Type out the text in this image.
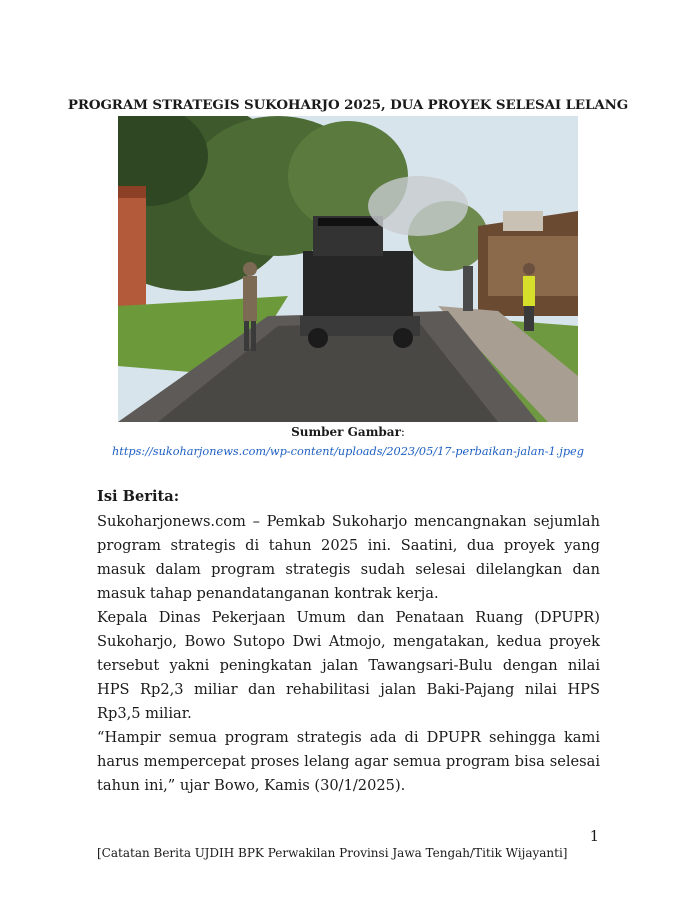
PROGRAM STRATEGIS SUKOHARJO 2025, DUA PROYEK SELESAI LELANG
Sumber Gambar:
https://sukoharjonews.com/wp-content/uploads/2023/05/17-perbaikan-jalan-1.jpeg
Isi Berita:

Sukoharjonews.com – Pemkab Sukoharjo mencangnakan sejumlah program strategis di tahun 2025 ini. Saatini, dua proyek yang masuk dalam program strategis sudah selesai dilelangkan dan masuk tahap penandatanganan kontrak kerja.

Kepala Dinas Pekerjaan Umum dan Penataan Ruang (DPUPR) Sukoharjo, Bowo Sutopo Dwi Atmojo, mengatakan, kedua proyek tersebut yakni peningkatan jalan Tawangsari-Bulu dengan nilai HPS Rp2,3 miliar dan rehabilitasi jalan Baki-Pajang nilai HPS Rp3,5 miliar.

“Hampir semua program strategis ada di DPUPR sehingga kami harus mempercepat proses lelang agar semua program bisa selesai tahun ini,” ujar Bowo, Kamis (30/1/2025).

1
[Catatan Berita UJDIH BPK Perwakilan Provinsi Jawa Tengah/Titik Wijayanti]
